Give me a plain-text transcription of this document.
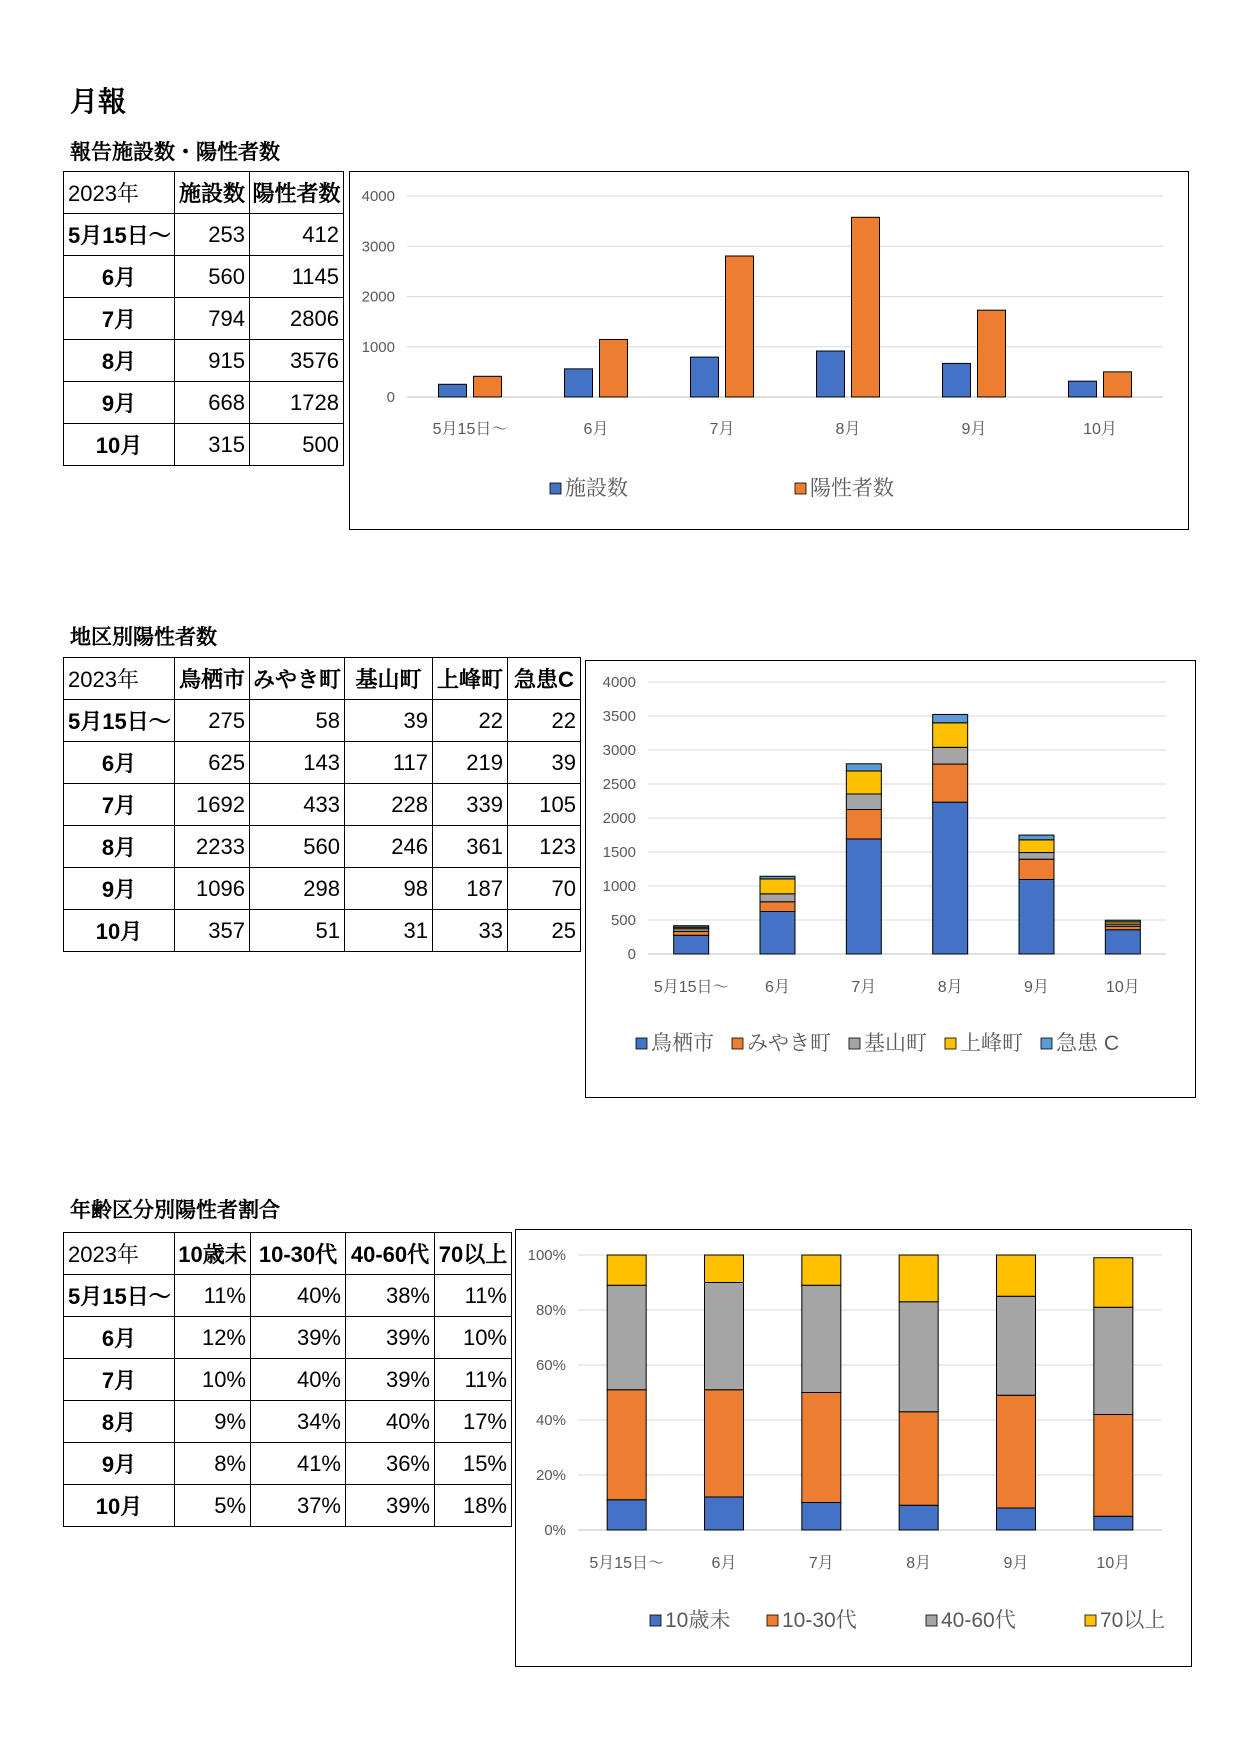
月報
報告施設数・陽性者数
2023年	施設数	陽性者数
5月15日〜	253	412
6月	560	1145
7月	794	2806
8月	915	3576
9月	668	1728
10月	315	500
0
1000
2000
3000
4000
5月15日〜	6月	7月	8月	9月	10月
施設数	陽性者数
地区別陽性者数
2023年	鳥栖市	みやき町	基山町	上峰町	急患C
5月15日〜	275	58	39	22	22
6月	625	143	117	219	39
7月	1692	433	228	339	105
8月	2233	560	246	361	123
9月	1096	298	98	187	70
10月	357	51	31	33	25
0
500
1000
1500
2000
2500
3000
3500
4000
5月15日〜 6月	7月	8月	9月	10月
鳥栖市 みやき町 基山町 上峰町 急患 C
年齢区分別陽性者割合
2023年	10歳未	10-30代	40-60代	70以上
5月15日〜	11%	40%	38%	11%
6月	12%	39%	39%	10%
7月	10%	40%	39%	11%
8月	9%	34%	40%	17%
9月	8%	41%	36%	15%
10月	5%	37%	39%	18%
0%
20%
40%
60%
80%
100%
5月15日〜	6月	7月	8月	9月	10月
10歳未 10-30代	40-60代	70以上
